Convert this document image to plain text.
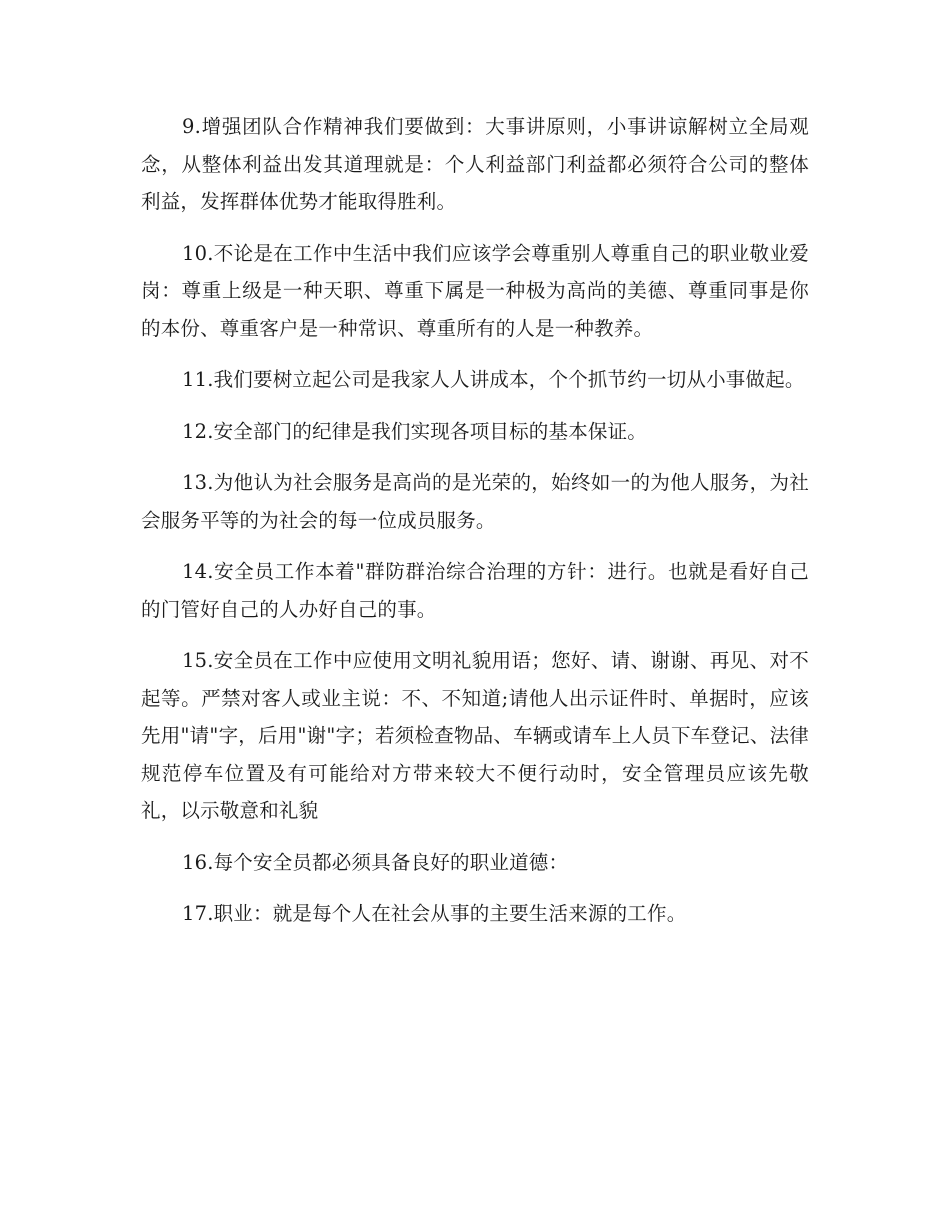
9.增强团队合作精神我们要做到：大事讲原则，小事讲谅解树立全局观念，从整体利益出发其道理就是：个人利益部门利益都必须符合公司的整体利益，发挥群体优势才能取得胜利。

10.不论是在工作中生活中我们应该学会尊重别人尊重自己的职业敬业爱岗：尊重上级是一种天职、尊重下属是一种极为高尚的美德、尊重同事是你的本份、尊重客户是一种常识、尊重所有的人是一种教养。

11.我们要树立起公司是我家人人讲成本，个个抓节约一切从小事做起。

12.安全部门的纪律是我们实现各项目标的基本保证。

13.为他认为社会服务是高尚的是光荣的，始终如一的为他人服务，为社会服务平等的为社会的每一位成员服务。

14.安全员工作本着"群防群治综合治理的方针：进行。也就是看好自己的门管好自己的人办好自己的事。

15.安全员在工作中应使用文明礼貌用语；您好、请、谢谢、再见、对不起等。严禁对客人或业主说：不、不知道;请他人出示证件时、单据时，应该先用"请"字，后用"谢"字；若须检查物品、车辆或请车上人员下车登记、法律规范停车位置及有可能给对方带来较大不便行动时，安全管理员应该先敬礼，以示敬意和礼貌

16.每个安全员都必须具备良好的职业道德：

17.职业：就是每个人在社会从事的主要生活来源的工作。
